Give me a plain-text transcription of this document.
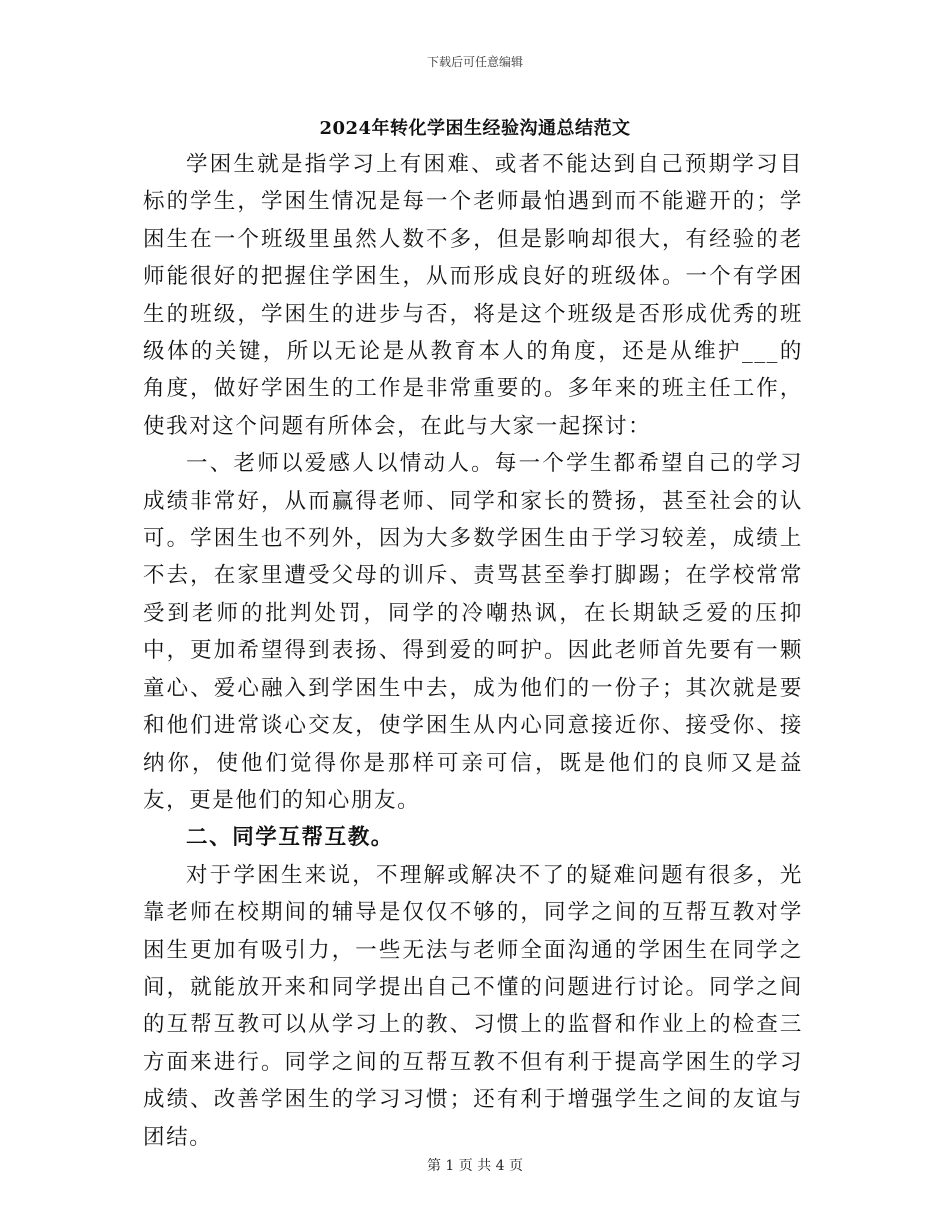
下载后可任意编辑
2024年转化学困生经验沟通总结范文

学困生就是指学习上有困难、或者不能达到自己预期学习目标的学生，学困生情况是每一个老师最怕遇到而不能避开的；学困生在一个班级里虽然人数不多，但是影响却很大，有经验的老师能很好的把握住学困生，从而形成良好的班级体。一个有学困生的班级，学困生的进步与否，将是这个班级是否形成优秀的班级体的关键，所以无论是从教育本人的角度，还是从维护___的角度，做好学困生的工作是非常重要的。多年来的班主任工作，使我对这个问题有所体会，在此与大家一起探讨：

一、老师以爱感人以情动人。每一个学生都希望自己的学习成绩非常好，从而赢得老师、同学和家长的赞扬，甚至社会的认可。学困生也不列外，因为大多数学困生由于学习较差，成绩上不去，在家里遭受父母的训斥、责骂甚至拳打脚踢；在学校常常受到老师的批判处罚，同学的冷嘲热讽，在长期缺乏爱的压抑中，更加希望得到表扬、得到爱的呵护。因此老师首先要有一颗童心、爱心融入到学困生中去，成为他们的一份子；其次就是要和他们进常谈心交友，使学困生从内心同意接近你、接受你、接纳你，使他们觉得你是那样可亲可信，既是他们的良师又是益友，更是他们的知心朋友。

二、同学互帮互教。

对于学困生来说，不理解或解决不了的疑难问题有很多，光靠老师在校期间的辅导是仅仅不够的，同学之间的互帮互教对学困生更加有吸引力，一些无法与老师全面沟通的学困生在同学之间，就能放开来和同学提出自己不懂的问题进行讨论。同学之间的互帮互教可以从学习上的教、习惯上的监督和作业上的检查三方面来进行。同学之间的互帮互教不但有利于提高学困生的学习成绩、改善学困生的学习习惯；还有利于增强学生之间的友谊与团结。

第 1 页 共 4 页
